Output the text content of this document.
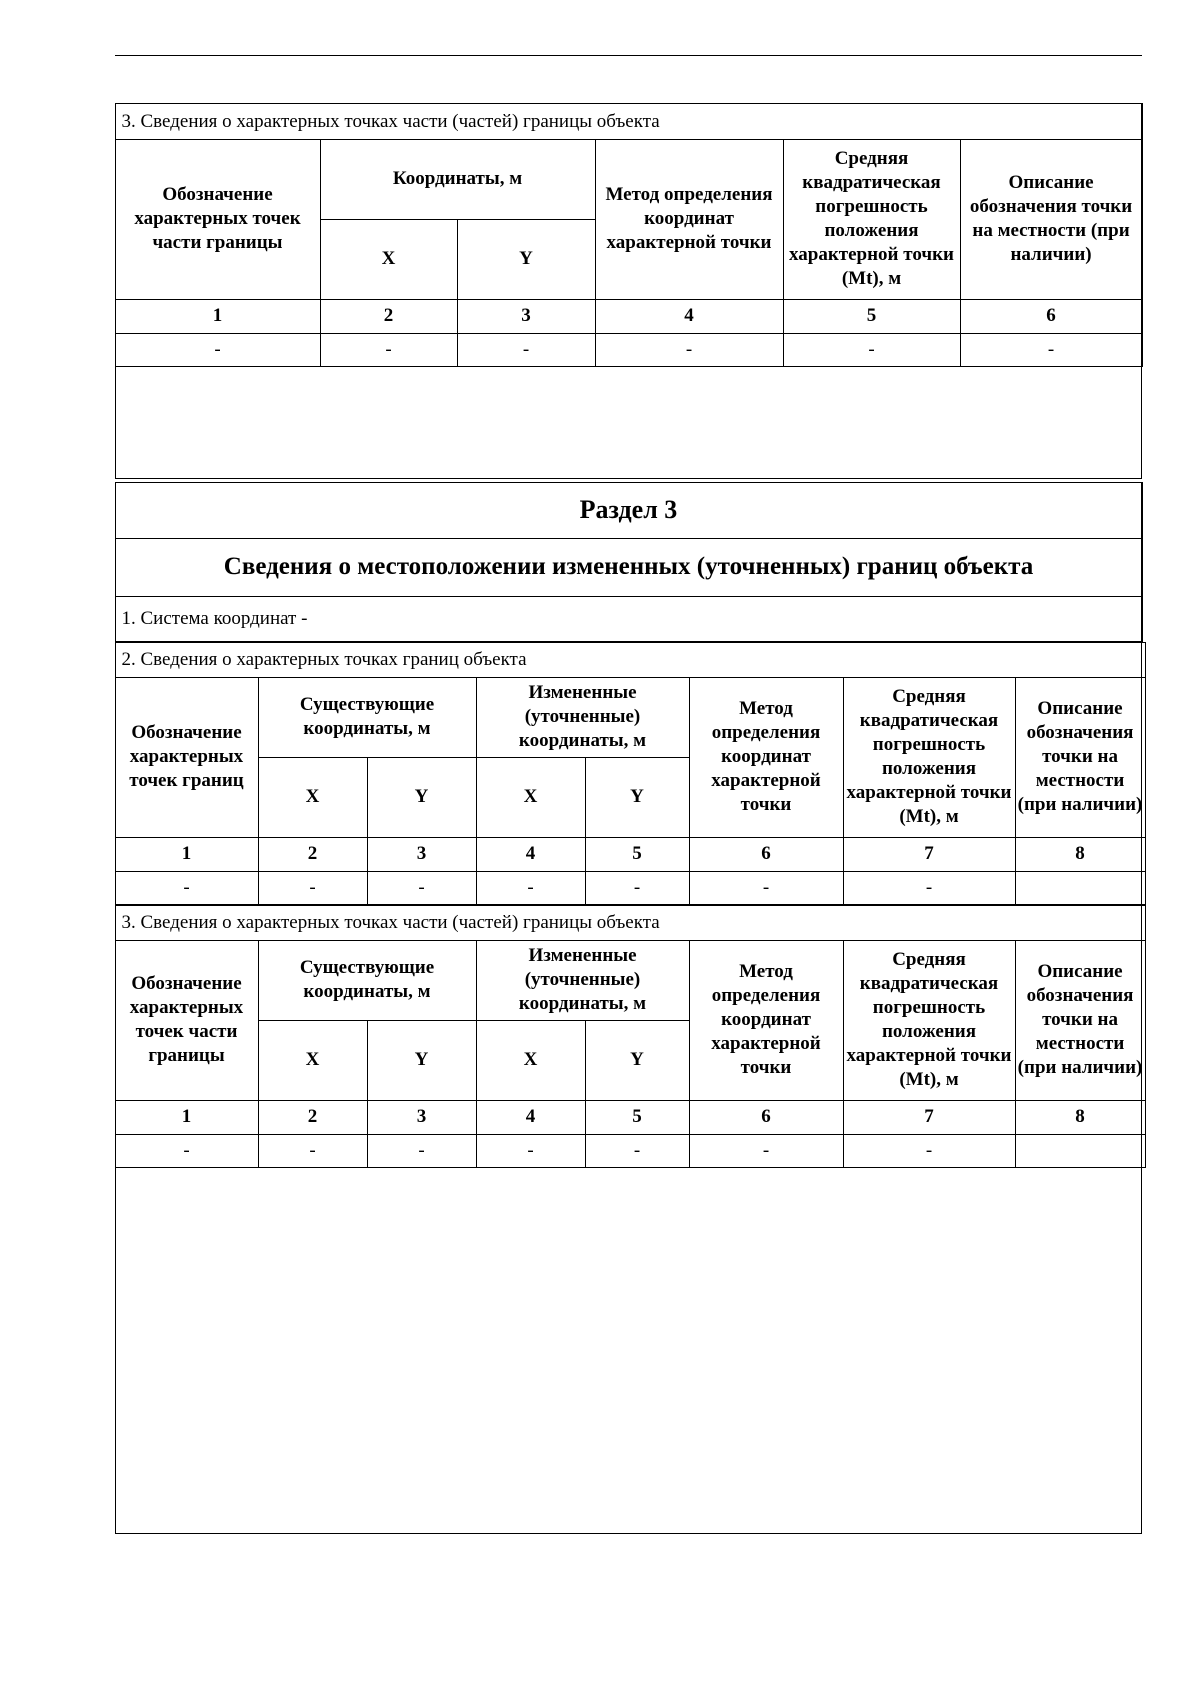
3. Сведения о характерных точках части (частей) границы объекта					
Обозначение характерных точек части границы	Координаты, м		Метод определения координат характерной точки	Средняя квадратическая погрешность положения характерной точки (Mt), м	Описание обозначения точки на местности (при наличии)
	X	Y			
1	2	3	4	5	6
-	-	-	-	-	-
Раздел 3
Сведения о местоположении измененных (уточненных) границ объекта
1. Система координат -
2. Сведения о характерных точках границ объекта							
Обозначение характерных точек границ	Существующие координаты, м		Измененные (уточненные) координаты, м		Метод определения координат характерной точки	Средняя квадратическая погрешность положения характерной точки (Mt), м	Описание обозначения точки на местности (при наличии)
	X	Y	X	Y			
1	2	3	4	5	6	7	8
-	-	-	-	-	-	-	
3. Сведения о характерных точках части (частей) границы объекта							
Обозначение характерных точек части границы	Существующие координаты, м		Измененные (уточненные) координаты, м		Метод определения координат характерной точки	Средняя квадратическая погрешность положения характерной точки (Mt), м	Описание обозначения точки на местности (при наличии)
	X	Y	X	Y			
1	2	3	4	5	6	7	8
-	-	-	-	-	-	-	
